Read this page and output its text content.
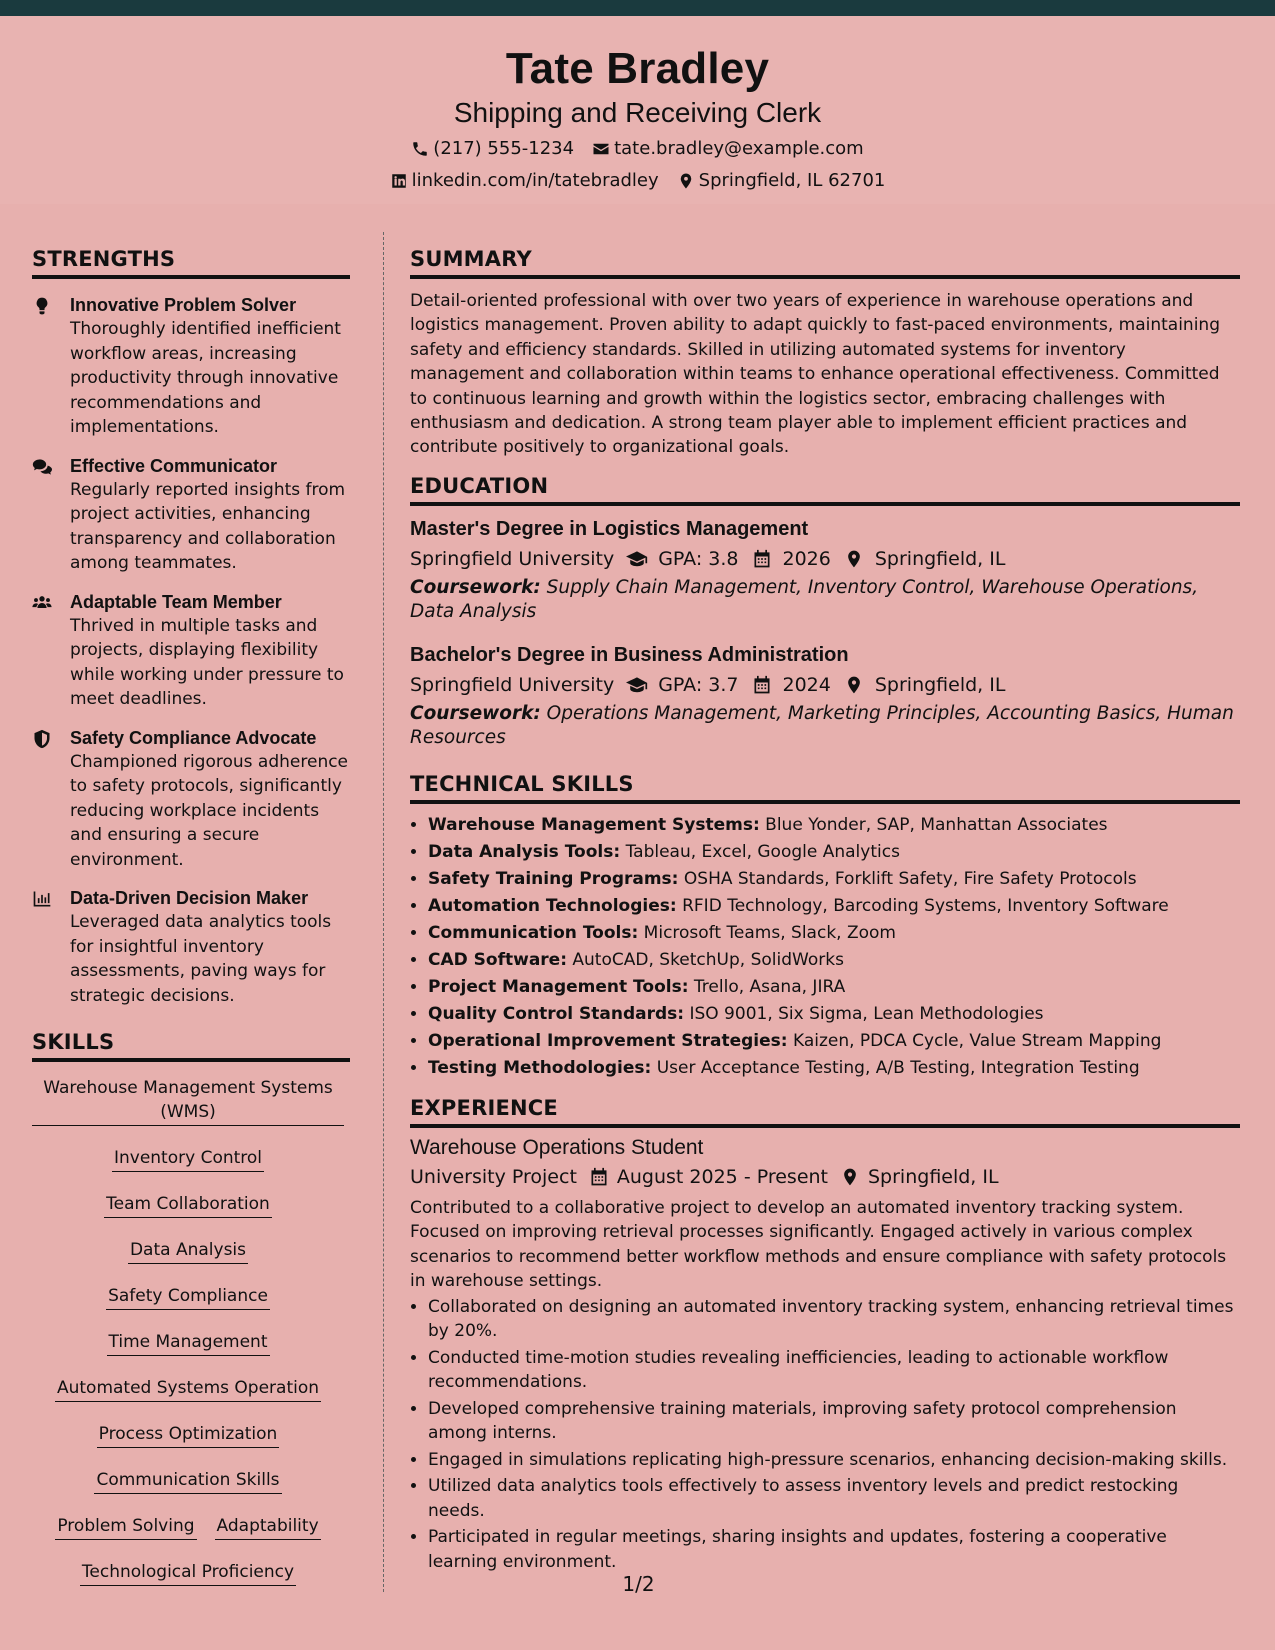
Tate Bradley
Shipping and Receiving Clerk
(217) 555-1234 tate.bradley@example.com
linkedin.com/in/tatebradley Springfield, IL 62701
STRENGTHS
Innovative Problem Solver
Thoroughly identified inefficient workflow areas, increasing productivity through innovative recommendations and implementations.
Effective Communicator
Regularly reported insights from project activities, enhancing transparency and collaboration among teammates.
Adaptable Team Member
Thrived in multiple tasks and projects, displaying flexibility while working under pressure to meet deadlines.
Safety Compliance Advocate
Championed rigorous adherence to safety protocols, significantly reducing workplace incidents and ensuring a secure environment.
Data-Driven Decision Maker
Leveraged data analytics tools for insightful inventory assessments, paving ways for strategic decisions.
SKILLS
Warehouse Management Systems (WMS)
Inventory Control
Team Collaboration
Data Analysis
Safety Compliance
Time Management
Automated Systems Operation
Process Optimization
Communication Skills
Problem Solving Adaptability
Technological Proficiency
SUMMARY
Detail-oriented professional with over two years of experience in warehouse operations and logistics management. Proven ability to adapt quickly to fast-paced environments, maintaining safety and efficiency standards. Skilled in utilizing automated systems for inventory management and collaboration within teams to enhance operational effectiveness. Committed to continuous learning and growth within the logistics sector, embracing challenges with enthusiasm and dedication. A strong team player able to implement efficient practices and contribute positively to organizational goals.
EDUCATION
Master's Degree in Logistics Management
Springfield University GPA: 3.8 2026 Springfield, IL
Coursework: Supply Chain Management, Inventory Control, Warehouse Operations, Data Analysis
Bachelor's Degree in Business Administration
Springfield University GPA: 3.7 2024 Springfield, IL
Coursework: Operations Management, Marketing Principles, Accounting Basics, Human Resources
TECHNICAL SKILLS
• Warehouse Management Systems: Blue Yonder, SAP, Manhattan Associates
• Data Analysis Tools: Tableau, Excel, Google Analytics
• Safety Training Programs: OSHA Standards, Forklift Safety, Fire Safety Protocols
• Automation Technologies: RFID Technology, Barcoding Systems, Inventory Software
• Communication Tools: Microsoft Teams, Slack, Zoom
• CAD Software: AutoCAD, SketchUp, SolidWorks
• Project Management Tools: Trello, Asana, JIRA
• Quality Control Standards: ISO 9001, Six Sigma, Lean Methodologies
• Operational Improvement Strategies: Kaizen, PDCA Cycle, Value Stream Mapping
• Testing Methodologies: User Acceptance Testing, A/B Testing, Integration Testing
EXPERIENCE
Warehouse Operations Student
University Project August 2025 - Present Springfield, IL
Contributed to a collaborative project to develop an automated inventory tracking system. Focused on improving retrieval processes significantly. Engaged actively in various complex scenarios to recommend better workflow methods and ensure compliance with safety protocols in warehouse settings.
• Collaborated on designing an automated inventory tracking system, enhancing retrieval times by 20%.
• Conducted time-motion studies revealing inefficiencies, leading to actionable workflow recommendations.
• Developed comprehensive training materials, improving safety protocol comprehension among interns.
• Engaged in simulations replicating high-pressure scenarios, enhancing decision-making skills.
• Utilized data analytics tools effectively to assess inventory levels and predict restocking needs.
• Participated in regular meetings, sharing insights and updates, fostering a cooperative learning environment.
1/2
